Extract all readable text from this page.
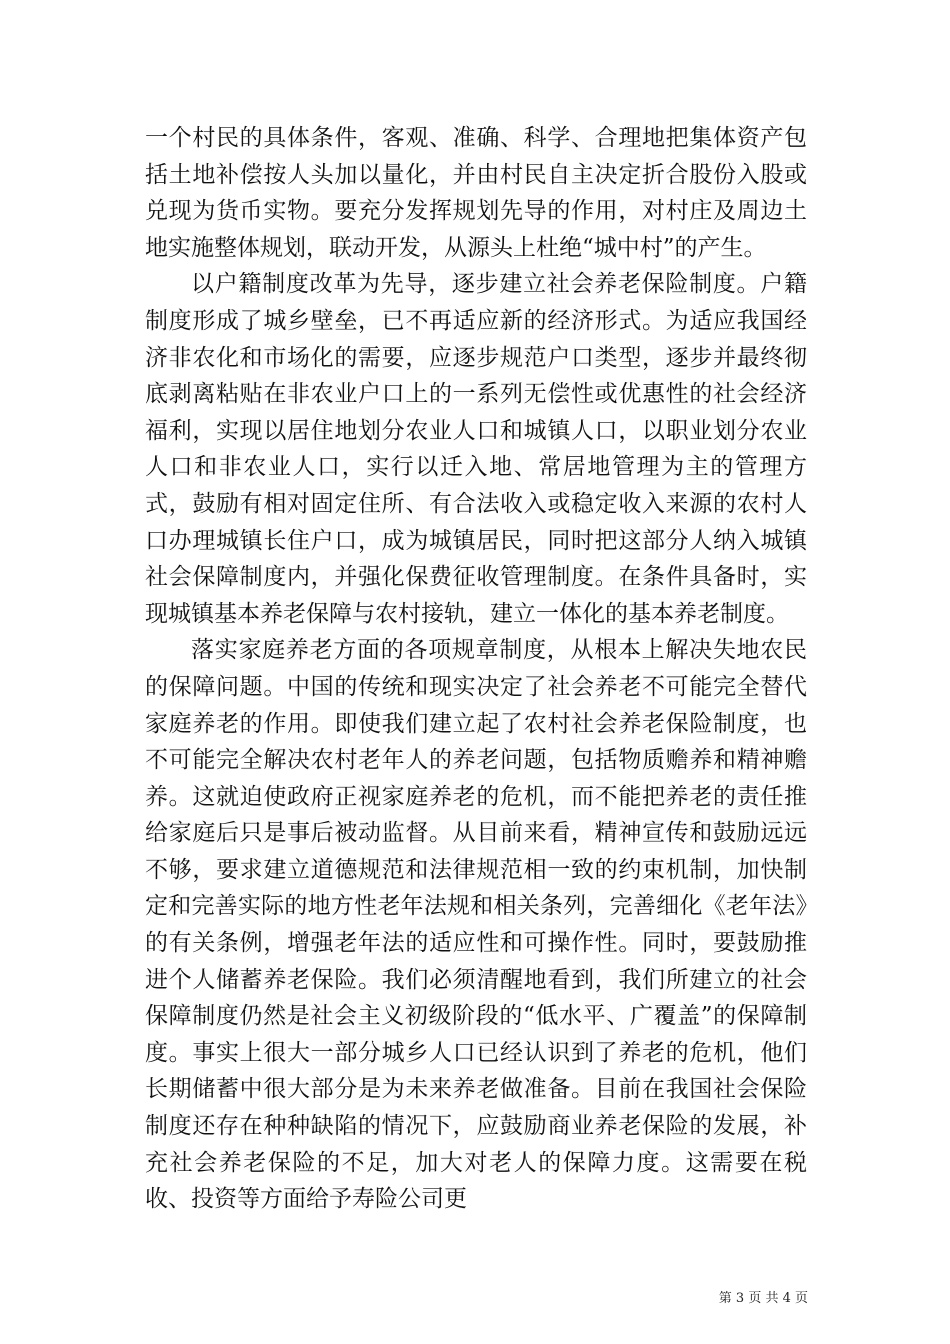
一个村民的具体条件，客观、准确、科学、合理地把集体资产包括土地补偿按人头加以量化，并由村民自主决定折合股份入股或兑现为货币实物。要充分发挥规划先导的作用，对村庄及周边土地实施整体规划，联动开发，从源头上杜绝“城中村”的产生。

以户籍制度改革为先导，逐步建立社会养老保险制度。户籍制度形成了城乡壁垒，已不再适应新的经济形式。为适应我国经济非农化和市场化的需要，应逐步规范户口类型，逐步并最终彻底剥离粘贴在非农业户口上的一系列无偿性或优惠性的社会经济福利，实现以居住地划分农业人口和城镇人口，以职业划分农业人口和非农业人口，实行以迁入地、常居地管理为主的管理方式，鼓励有相对固定住所、有合法收入或稳定收入来源的农村人口办理城镇长住户口，成为城镇居民，同时把这部分人纳入城镇社会保障制度内，并强化保费征收管理制度。在条件具备时，实现城镇基本养老保障与农村接轨，建立一体化的基本养老制度。

落实家庭养老方面的各项规章制度，从根本上解决失地农民的保障问题。中国的传统和现实决定了社会养老不可能完全替代家庭养老的作用。即使我们建立起了农村社会养老保险制度，也不可能完全解决农村老年人的养老问题，包括物质赡养和精神赡养。这就迫使政府正视家庭养老的危机，而不能把养老的责任推给家庭后只是事后被动监督。从目前来看，精神宣传和鼓励远远不够，要求建立道德规范和法律规范相一致的约束机制，加快制定和完善实际的地方性老年法规和相关条列，完善细化《老年法》的有关条例，增强老年法的适应性和可操作性。同时，要鼓励推进个人储蓄养老保险。我们必须清醒地看到，我们所建立的社会保障制度仍然是社会主义初级阶段的“低水平、广覆盖”的保障制度。事实上很大一部分城乡人口已经认识到了养老的危机，他们长期储蓄中很大部分是为未来养老做准备。目前在我国社会保险制度还存在种种缺陷的情况下，应鼓励商业养老保险的发展，补充社会养老保险的不足，加大对老人的保障力度。这需要在税收、投资等方面给予寿险公司更

第 3 页 共 4 页
